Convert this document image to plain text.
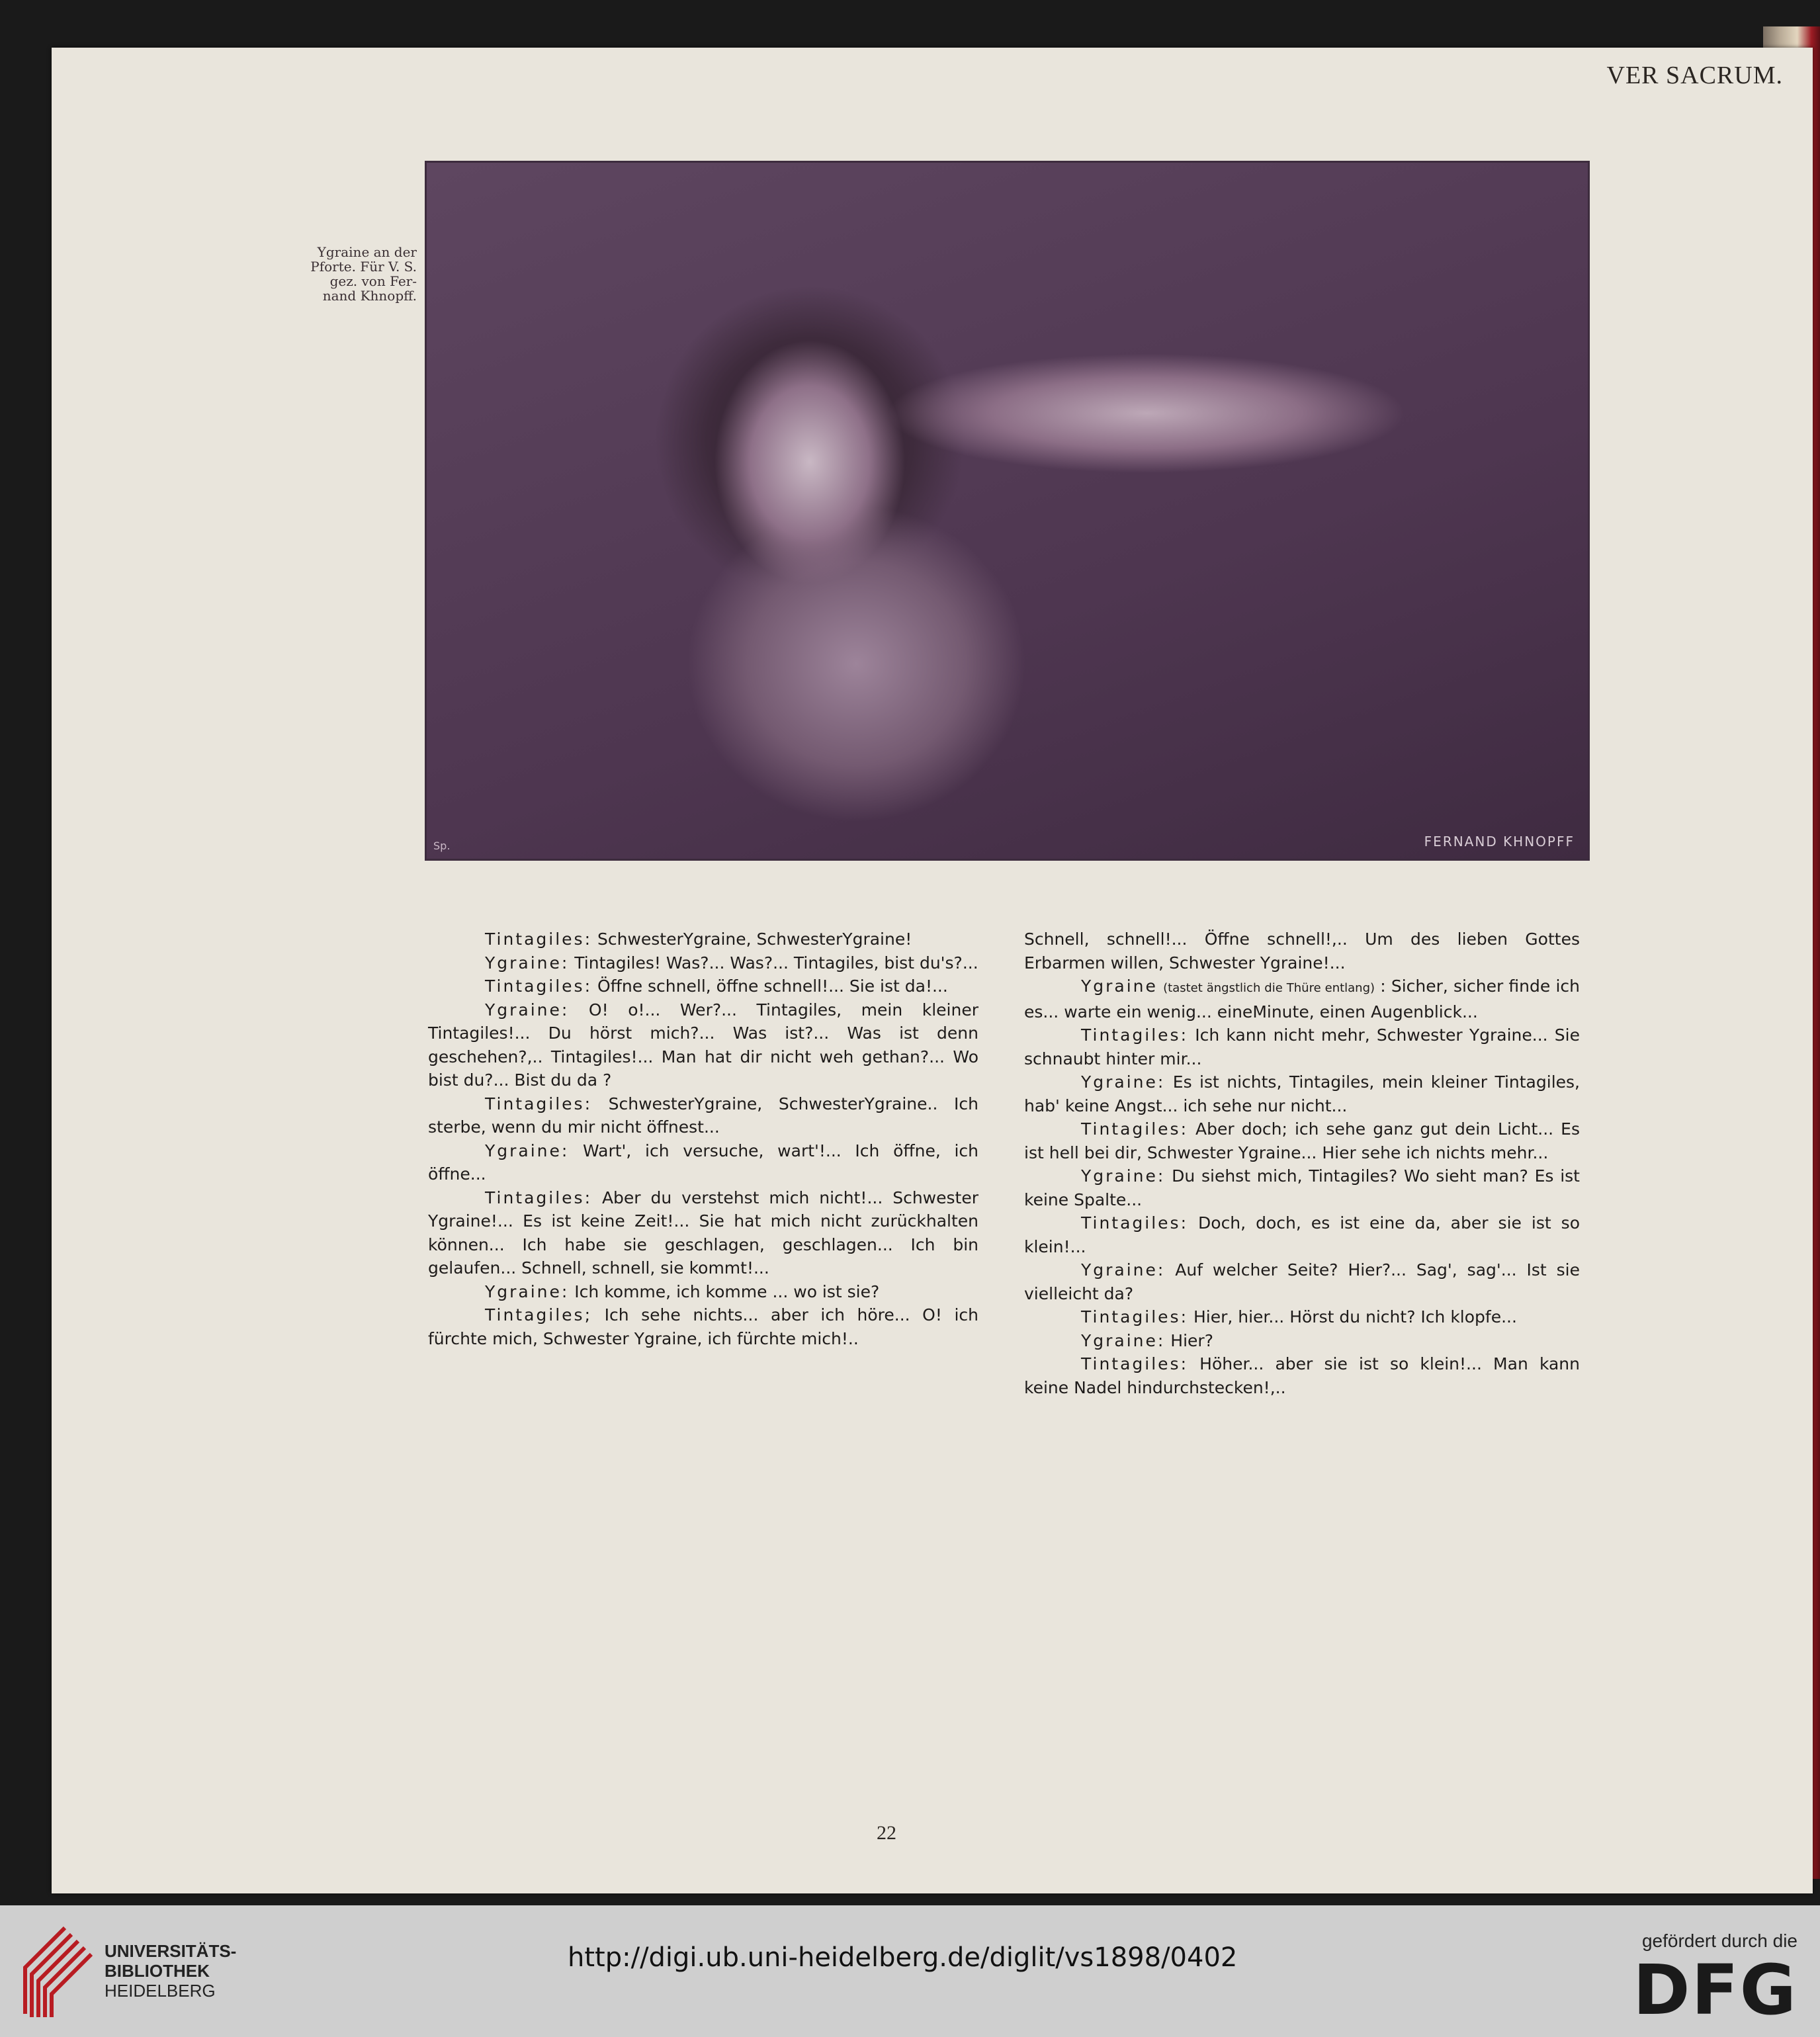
VER SACRUM.
Ygraine an der
Pforte. Für V. S.
gez. von Fer-
nand Khnopff.
Sp.	FERNAND KHNOPFF

Tintagiles: SchwesterYgraine, SchwesterYgraine!

Ygraine: Tintagiles! Was?... Was?... Tintagiles, bist du's?...

Tintagiles: Öffne schnell, öffne schnell!... Sie ist da!...

Ygraine: O! o!... Wer?... Tintagiles, mein kleiner Tintagiles!... Du hörst mich?... Was ist?... Was ist denn geschehen?,.. Tintagiles!... Man hat dir nicht weh gethan?... Wo bist du?... Bist du da ?

Tintagiles: SchwesterYgraine, SchwesterYgraine.. Ich sterbe, wenn du mir nicht öffnest...

Ygraine: Wart', ich versuche, wart'!... Ich öffne, ich öffne...

Tintagiles: Aber du verstehst mich nicht!... Schwester Ygraine!... Es ist keine Zeit!... Sie hat mich nicht zurückhalten können... Ich habe sie geschlagen, geschlagen... Ich bin gelaufen... Schnell, schnell, sie kommt!...

Ygraine: Ich komme, ich komme ... wo ist sie?

Tintagiles; Ich sehe nichts... aber ich höre... O! ich fürchte mich, Schwester Ygraine, ich fürchte mich!..

Schnell, schnell!... Öffne schnell!,.. Um des lieben Gottes Erbarmen willen, Schwester Ygraine!...

Ygraine (tastet ängstlich die Thüre entlang) : Sicher, sicher finde ich es... warte ein wenig... eineMinute, einen Augenblick...

Tintagiles: Ich kann nicht mehr, Schwester Ygraine... Sie schnaubt hinter mir...

Ygraine: Es ist nichts, Tintagiles, mein kleiner Tintagiles, hab' keine Angst... ich sehe nur nicht...

Tintagiles: Aber doch; ich sehe ganz gut dein Licht... Es ist hell bei dir, Schwester Ygraine... Hier sehe ich nichts mehr...

Ygraine: Du siehst mich, Tintagiles? Wo sieht man? Es ist keine Spalte...

Tintagiles: Doch, doch, es ist eine da, aber sie ist so klein!...

Ygraine: Auf welcher Seite? Hier?... Sag', sag'... Ist sie vielleicht da?

Tintagiles: Hier, hier... Hörst du nicht? Ich klopfe...

Ygraine: Hier?

Tintagiles: Höher... aber sie ist so klein!... Man kann keine Nadel hindurchstecken!,..

22
UNIVERSITÄTS-
BIBLIOTHEK
HEIDELBERG
http://digi.ub.uni-heidelberg.de/diglit/vs1898/0402
gefördert durch die
DFG
